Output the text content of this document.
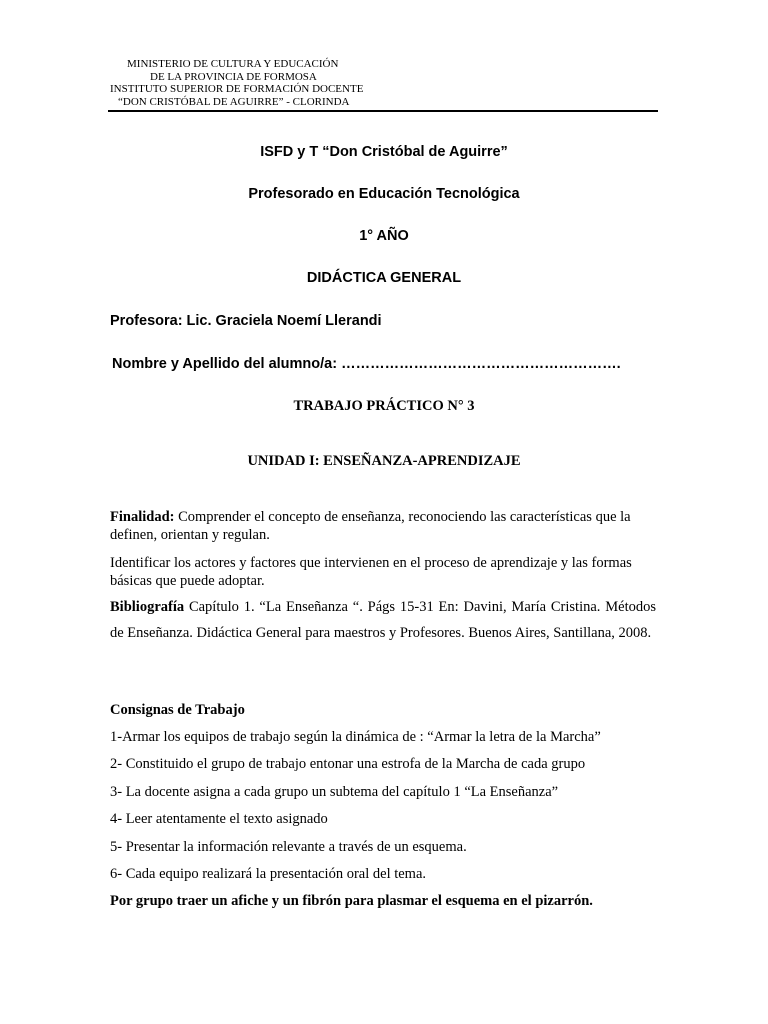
MINISTERIO DE CULTURA Y EDUCACIÓN
DE LA PROVINCIA DE FORMOSA
INSTITUTO SUPERIOR DE FORMACIÓN DOCENTE
“DON CRISTÓBAL DE AGUIRRE” - CLORINDA
ISFD y T “Don Cristóbal de Aguirre”
Profesorado en Educación Tecnológica
1° AÑO
DIDÁCTICA GENERAL
Profesora: Lic. Graciela Noemí Llerandi
Nombre y Apellido del alumno/a: ………………………………………………….
TRABAJO PRÁCTICO N° 3
UNIDAD I: ENSEÑANZA-APRENDIZAJE
Finalidad: Comprender el concepto de enseñanza, reconociendo las características que la definen, orientan y regulan.
Identificar los actores y factores que intervienen en el proceso de aprendizaje y las formas básicas que puede adoptar.
Bibliografía Capítulo 1. “La Enseñanza “. Págs 15-31 En: Davini, María Cristina. Métodos de Enseñanza. Didáctica General para maestros y Profesores. Buenos Aires, Santillana, 2008.
Consignas de Trabajo
1-Armar los equipos de trabajo según la dinámica de : “Armar la letra de la Marcha”
2- Constituido el grupo de trabajo entonar una estrofa de la Marcha de cada grupo
3- La docente asigna a cada grupo un subtema del capítulo 1 “La Enseñanza”
4- Leer atentamente el texto asignado
5- Presentar la información relevante a través de un esquema.
6- Cada equipo realizará la presentación oral del tema.
Por grupo traer un afiche y un fibrón para plasmar el esquema en el pizarrón.
